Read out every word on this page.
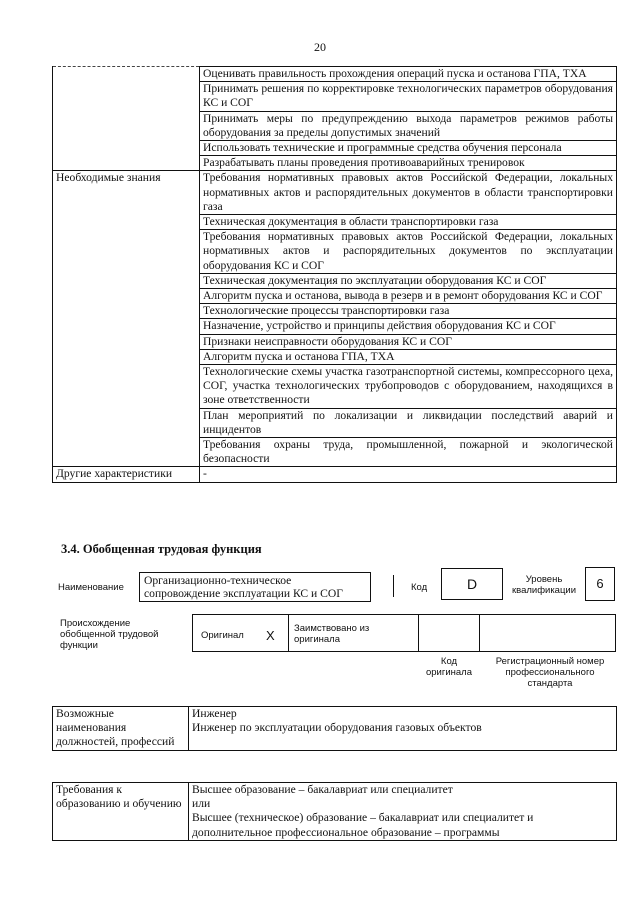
20
	Оценивать правильность прохождения операций пуска и останова ГПА, ТХА
	Принимать решения по корректировке технологических параметров оборудования КС и СОГ
	Принимать меры по предупреждению выхода параметров режимов работы оборудования за пределы допустимых значений
	Использовать технические и программные средства обучения персонала
	Разрабатывать планы проведения противоаварийных тренировок
Необходимые знания	Требования нормативных правовых актов Российской Федерации, локальных нормативных актов и распорядительных документов в области транспортировки газа
	Техническая документация в области транспортировки газа
	Требования нормативных правовых актов Российской Федерации, локальных нормативных актов и распорядительных документов по эксплуатации оборудования КС и СОГ
	Техническая документация по эксплуатации оборудования КС и СОГ
	Алгоритм пуска и останова, вывода в резерв и в ремонт оборудования КС и СОГ
	Технологические процессы транспортировки газа
	Назначение, устройство и принципы действия оборудования КС и СОГ
	Признаки неисправности оборудования КС и СОГ
	Алгоритм пуска и останова ГПА, ТХА
	Технологические схемы участка газотранспортной системы, компрессорного цеха, СОГ, участка технологических трубопроводов с оборудованием, находящихся в зоне ответственности
	План мероприятий по локализации и ликвидации последствий аварий и инцидентов
	Требования охраны труда, промышленной, пожарной и экологической безопасности
Другие характеристики	-
3.4. Обобщенная трудовая функция
Наименование
Организационно-техническое сопровождение эксплуатации КС и СОГ	Код	D	Уровень квалификации	6
Происхождение обобщенной трудовой функции
Оригинал X Заимствовано из оригинала
Код оригинала
Регистрационный номер профессионального стандарта
Возможные наименования должностей, профессий	
Инженер
Инженер по эксплуатации оборудования газовых объектов
Требования к образованию и обучению	
Высшее образование – бакалавриат или специалитет
или
Высшее (техническое) образование – бакалавриат или специалитет и дополнительное профессиональное образование – программы
